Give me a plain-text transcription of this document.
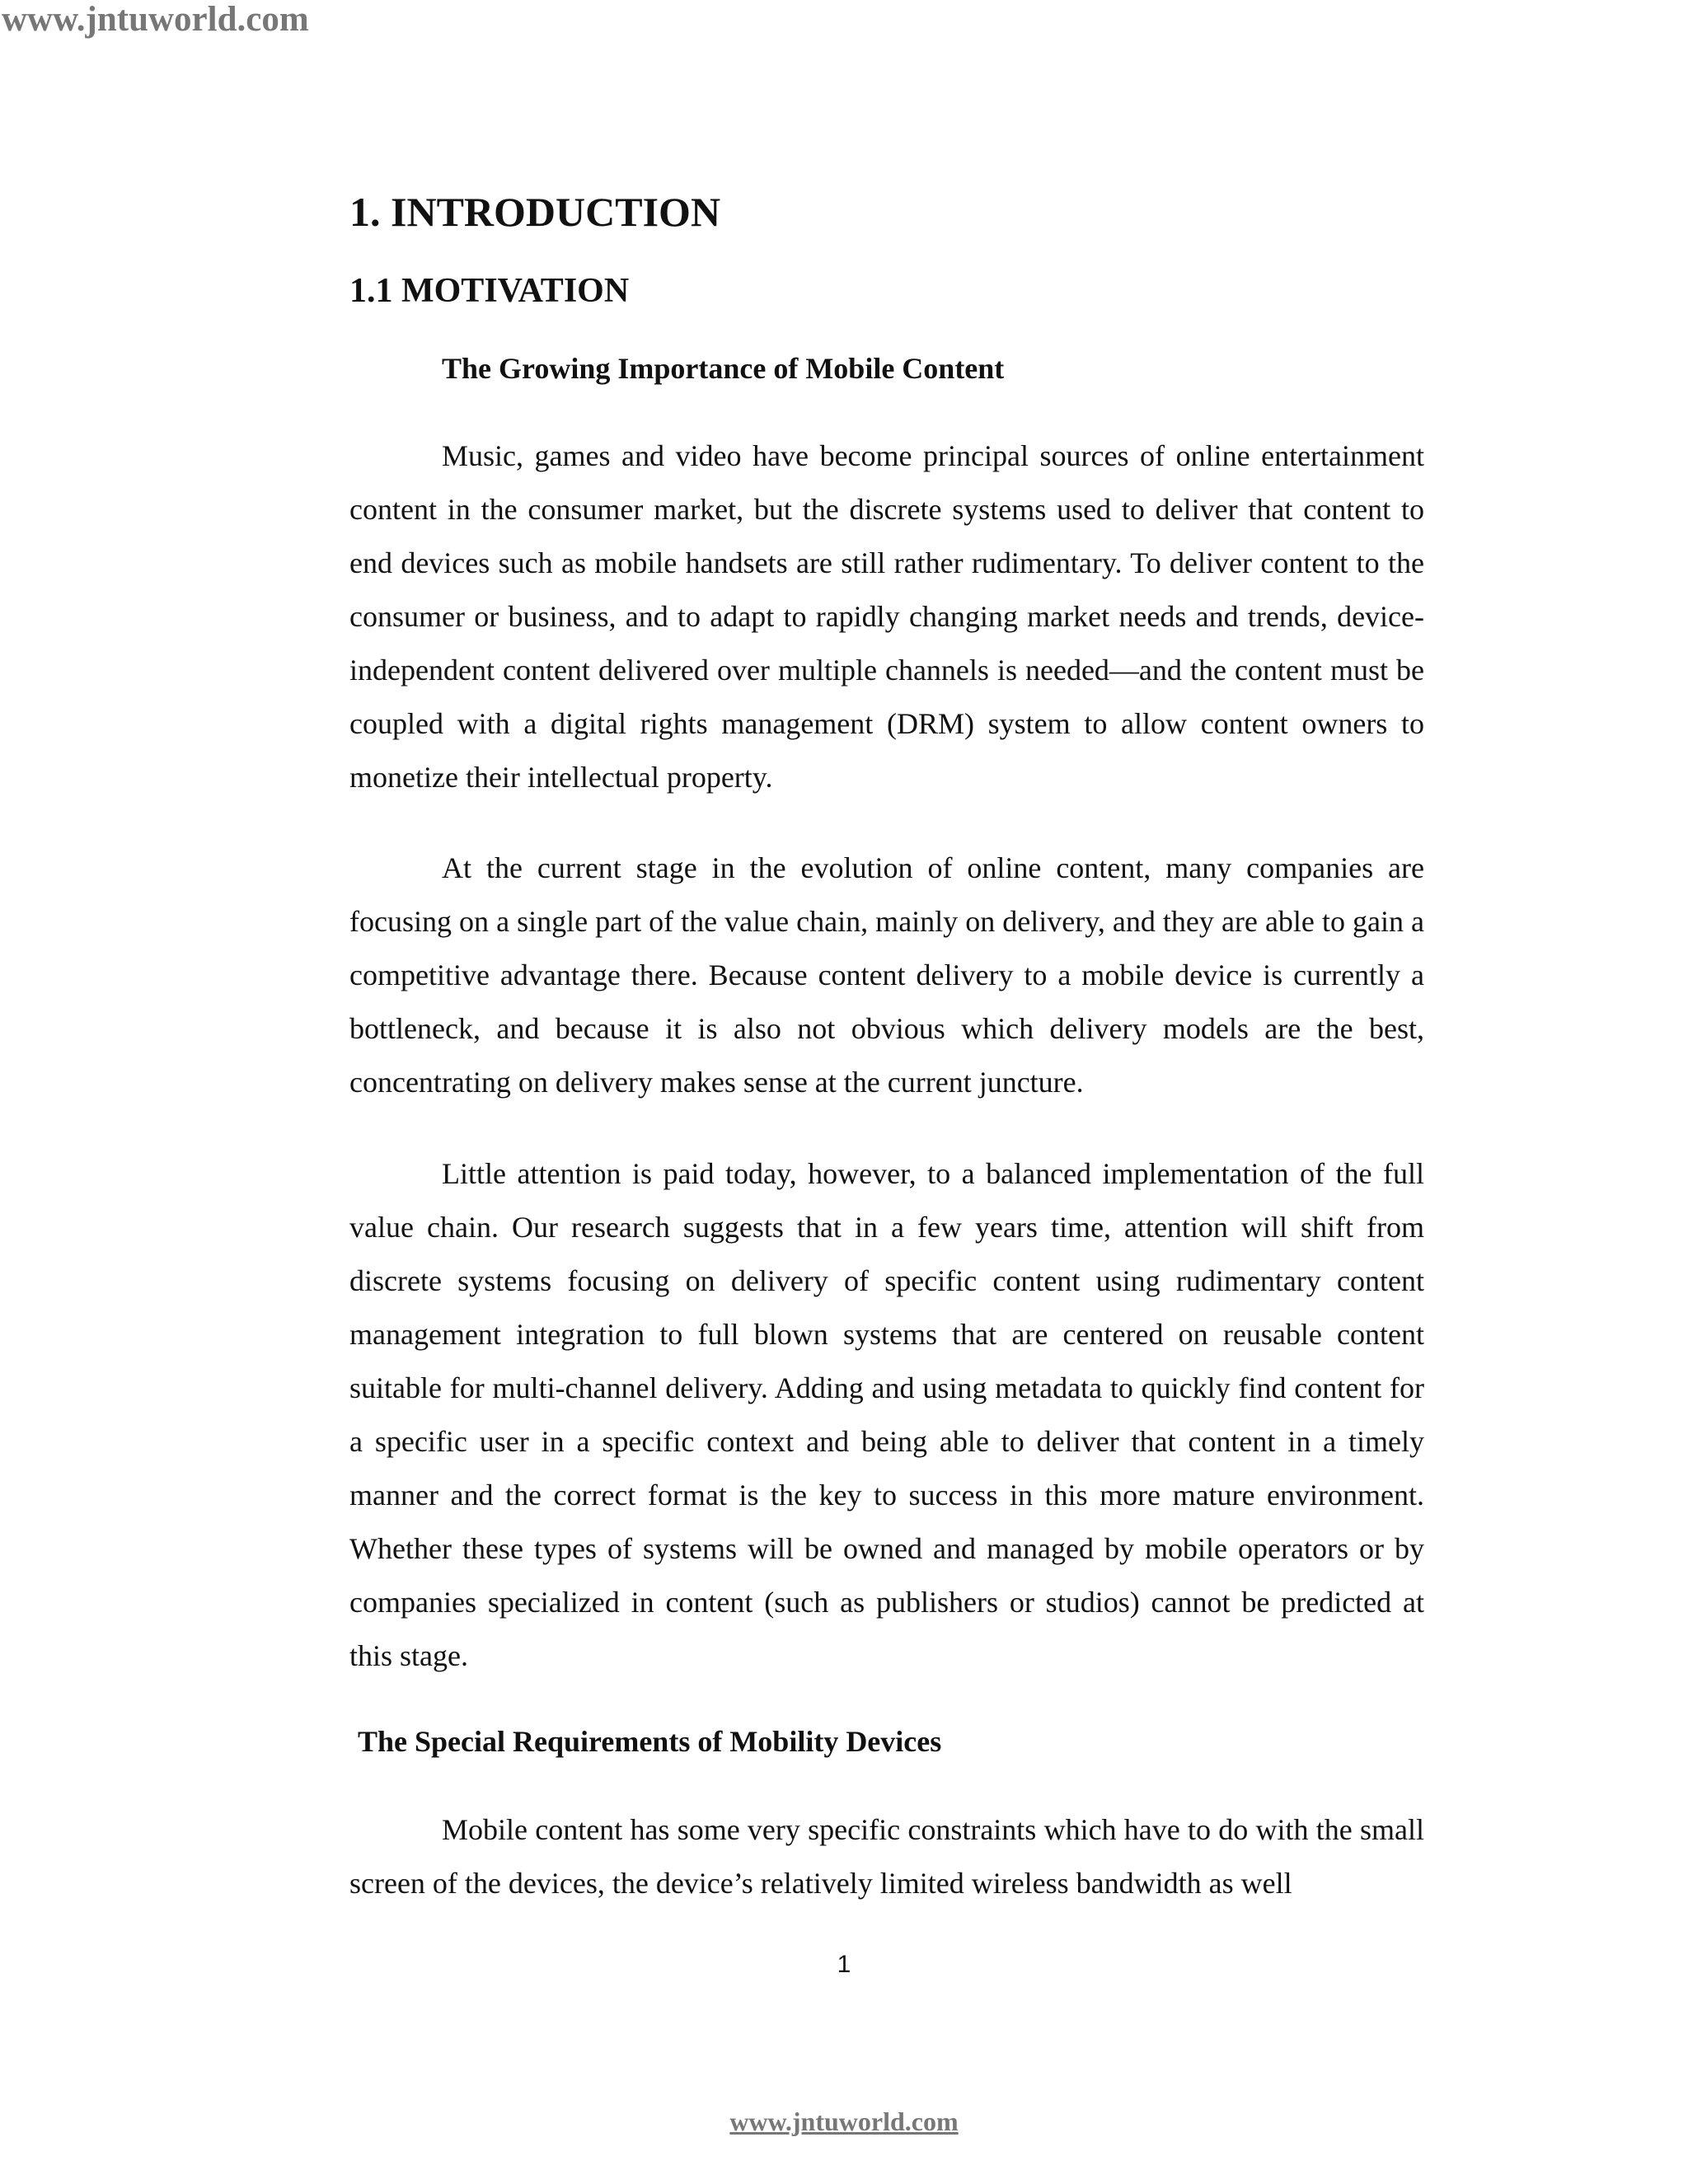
www.jntuworld.com
1. INTRODUCTION
1.1 MOTIVATION
The Growing Importance of Mobile Content

Music, games and video have become principal sources of online entertainment content in the consumer market, but the discrete systems used to deliver that content to end devices such as mobile handsets are still rather rudimentary. To deliver content to the consumer or business, and to adapt to rapidly changing market needs and trends, device-independent content delivered over multiple channels is needed—and the content must be coupled with a digital rights management (DRM) system to allow content owners to monetize their intellectual property.

At the current stage in the evolution of online content, many companies are focusing on a single part of the value chain, mainly on delivery, and they are able to gain a competitive advantage there. Because content delivery to a mobile device is currently a bottleneck, and because it is also not obvious which delivery models are the best, concentrating on delivery makes sense at the current juncture.

Little attention is paid today, however, to a balanced implementation of the full value chain. Our research suggests that in a few years time, attention will shift from discrete systems focusing on delivery of specific content using rudimentary content management integration to full blown systems that are centered on reusable content suitable for multi-channel delivery. Adding and using metadata to quickly find content for a specific user in a specific context and being able to deliver that content in a timely manner and the correct format is the key to success in this more mature environment. Whether these types of systems will be owned and managed by mobile operators or by companies specialized in content (such as publishers or studios) cannot be predicted at this stage.

The Special Requirements of Mobility Devices

Mobile content has some very specific constraints which have to do with the small screen of the devices, the device’s relatively limited wireless bandwidth as well

1
www.jntuworld.com
